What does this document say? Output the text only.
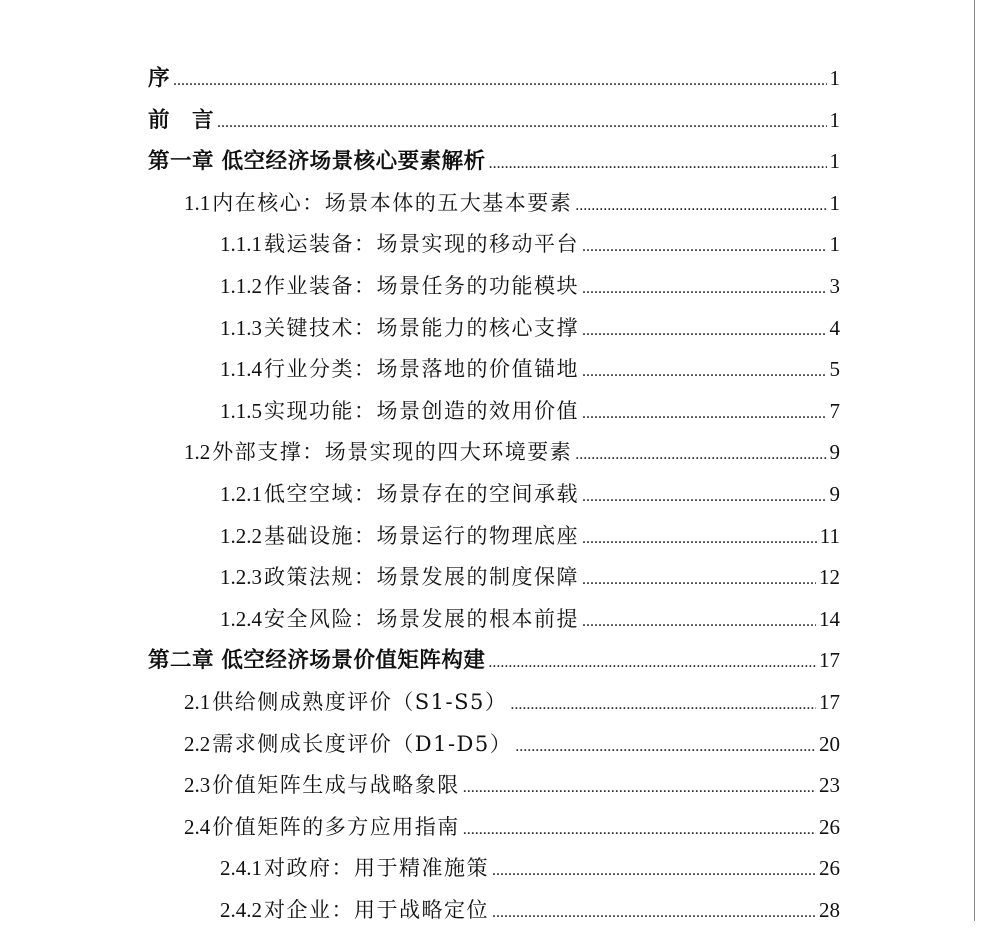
序 .....	1
前　言 .....	1
第一章 低空经济场景核心要素解析 .....	1
1.1 内在核心：场景本体的五大基本要素 .....	1
1.1.1 载运装备：场景实现的移动平台 .....	1
1.1.2 作业装备：场景任务的功能模块 .....	3
1.1.3 关键技术：场景能力的核心支撑 .....	4
1.1.4 行业分类：场景落地的价值锚地 .....	5
1.1.5 实现功能：场景创造的效用价值 .....	7
1.2 外部支撑：场景实现的四大环境要素 .....	9
1.2.1 低空空域：场景存在的空间承载 .....	9
1.2.2 基础设施：场景运行的物理底座 .....	11
1.2.3 政策法规：场景发展的制度保障 .....	12
1.2.4 安全风险：场景发展的根本前提 .....	14
第二章 低空经济场景价值矩阵构建 .....	17
2.1 供给侧成熟度评价（S1-S5） .....	17
2.2 需求侧成长度评价（D1-D5） .....	20
2.3 价值矩阵生成与战略象限 .....	23
2.4 价值矩阵的多方应用指南 .....	26
2.4.1 对政府：用于精准施策 .....	26
2.4.2 对企业：用于战略定位 .....	28
